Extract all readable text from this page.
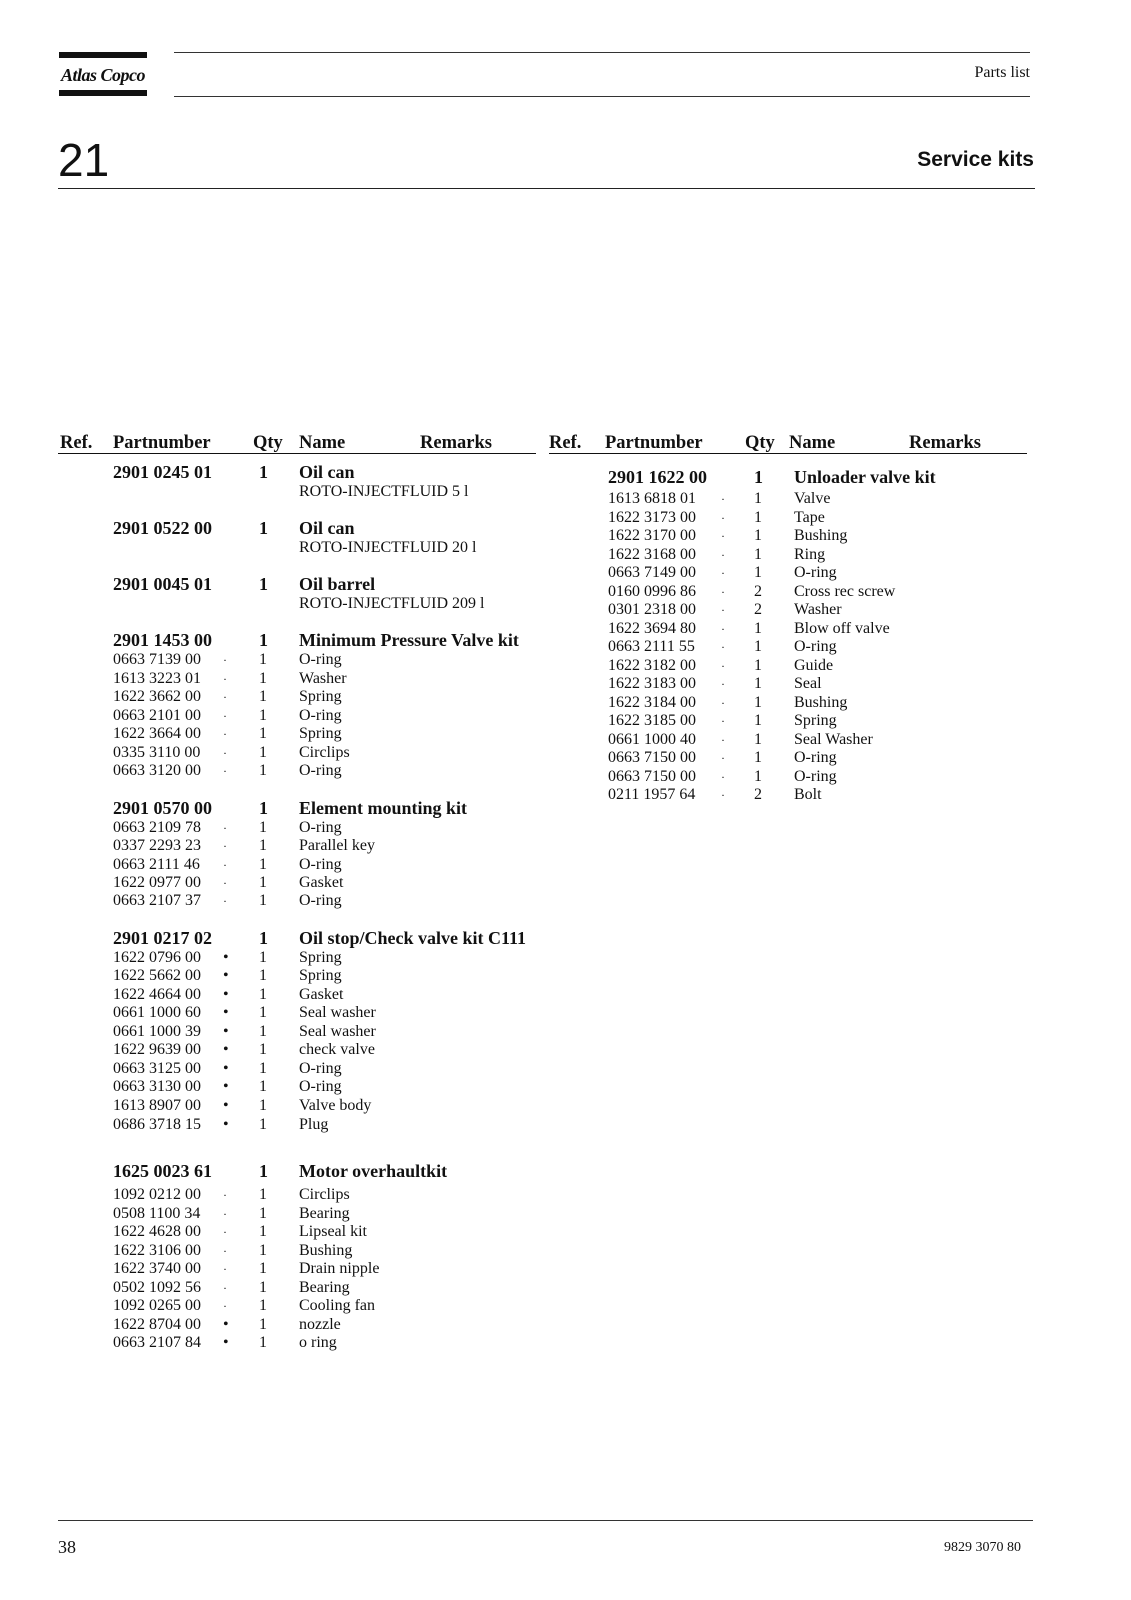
Atlas Copco	Parts list
21	Service kits
Ref. Partnumber Qty Name	Remarks	Ref. Partnumber Qty Name	Remarks
2901 0245 01	1 Oil can
ROTO-INJECTFLUID 5 l
2901 0522 00	1 Oil can
ROTO-INJECTFLUID 20 l
2901 0045 01	1 Oil barrel
ROTO-INJECTFLUID 209 l
2901 1453 00	1 Minimum Pressure Valve kit
0663 7139 00 · 1 O-ring
1613 3223 01 · 1 Washer
1622 3662 00 · 1 Spring
0663 2101 00 · 1 O-ring
1622 3664 00 · 1 Spring
0335 3110 00 · 1 Circlips
0663 3120 00 · 1 O-ring
2901 0570 00	1 Element mounting kit
0663 2109 78 · 1 O-ring
0337 2293 23 · 1 Parallel key
0663 2111 46 · 1 O-ring
1622 0977 00 · 1 Gasket
0663 2107 37 · 1 O-ring
2901 0217 02	1 Oil stop/Check valve kit C111
1622 0796 00 • 1 Spring
1622 5662 00 • 1 Spring
1622 4664 00 • 1 Gasket
0661 1000 60 • 1 Seal washer
0661 1000 39 • 1 Seal washer
1622 9639 00 • 1 check valve
0663 3125 00 • 1 O-ring
0663 3130 00 • 1 O-ring
1613 8907 00 • 1 Valve body
0686 3718 15 • 1 Plug
1625 0023 61	1 Motor overhaultkit
1092 0212 00 · 1 Circlips
0508 1100 34 · 1 Bearing
1622 4628 00 · 1 Lipseal kit
1622 3106 00 · 1 Bushing
1622 3740 00 · 1 Drain nipple
0502 1092 56 · 1 Bearing
1092 0265 00 · 1 Cooling fan
1622 8704 00 • 1 nozzle
0663 2107 84 • 1 o ring
2901 1622 00	1 Unloader valve kit
1613 6818 01 · 1 Valve
1622 3173 00 · 1 Tape
1622 3170 00 · 1 Bushing
1622 3168 00 · 1 Ring
0663 7149 00 · 1 O-ring
0160 0996 86 · 2 Cross rec screw
0301 2318 00 · 2 Washer
1622 3694 80 · 1 Blow off valve
0663 2111 55 · 1 O-ring
1622 3182 00 · 1 Guide
1622 3183 00 · 1 Seal
1622 3184 00 · 1 Bushing
1622 3185 00 · 1 Spring
0661 1000 40 · 1 Seal Washer
0663 7150 00 · 1 O-ring
0663 7150 00 · 1 O-ring
0211 1957 64 · 2 Bolt
38	9829 3070 80
